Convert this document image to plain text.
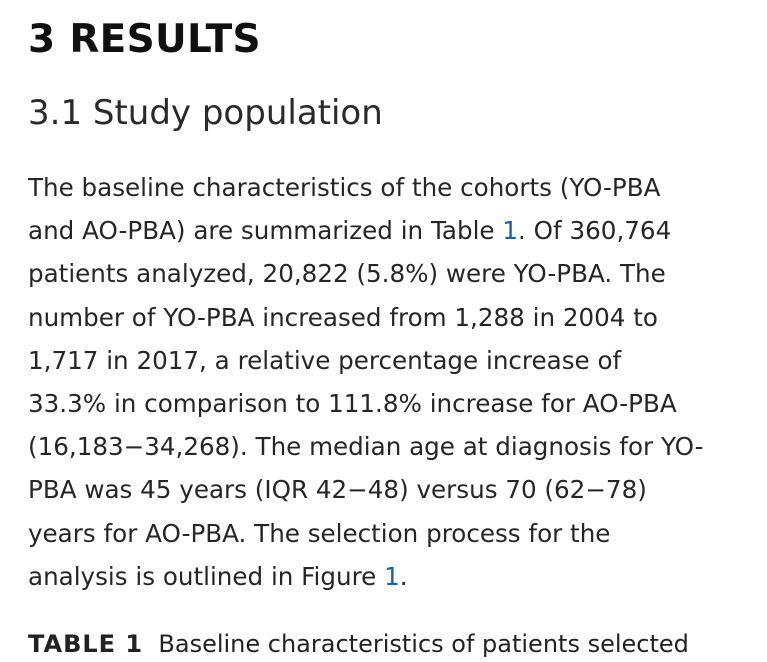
3 RESULTS
3.1 Study population

The baseline characteristics of the cohorts (YO-PBA
and AO-PBA) are summarized in Table 1. Of 360,764
patients analyzed, 20,822 (5.8%) were YO-PBA. The
number of YO-PBA increased from 1,288 in 2004 to
1,717 in 2017, a relative percentage increase of
33.3% in comparison to 111.8% increase for AO-PBA
(16,183−34,268). The median age at diagnosis for YO-
PBA was 45 years (IQR 42−48) versus 70 (62−78)
years for AO-PBA. The selection process for the
analysis is outlined in Figure 1.

TABLE 1 Baseline characteristics of patients selected
